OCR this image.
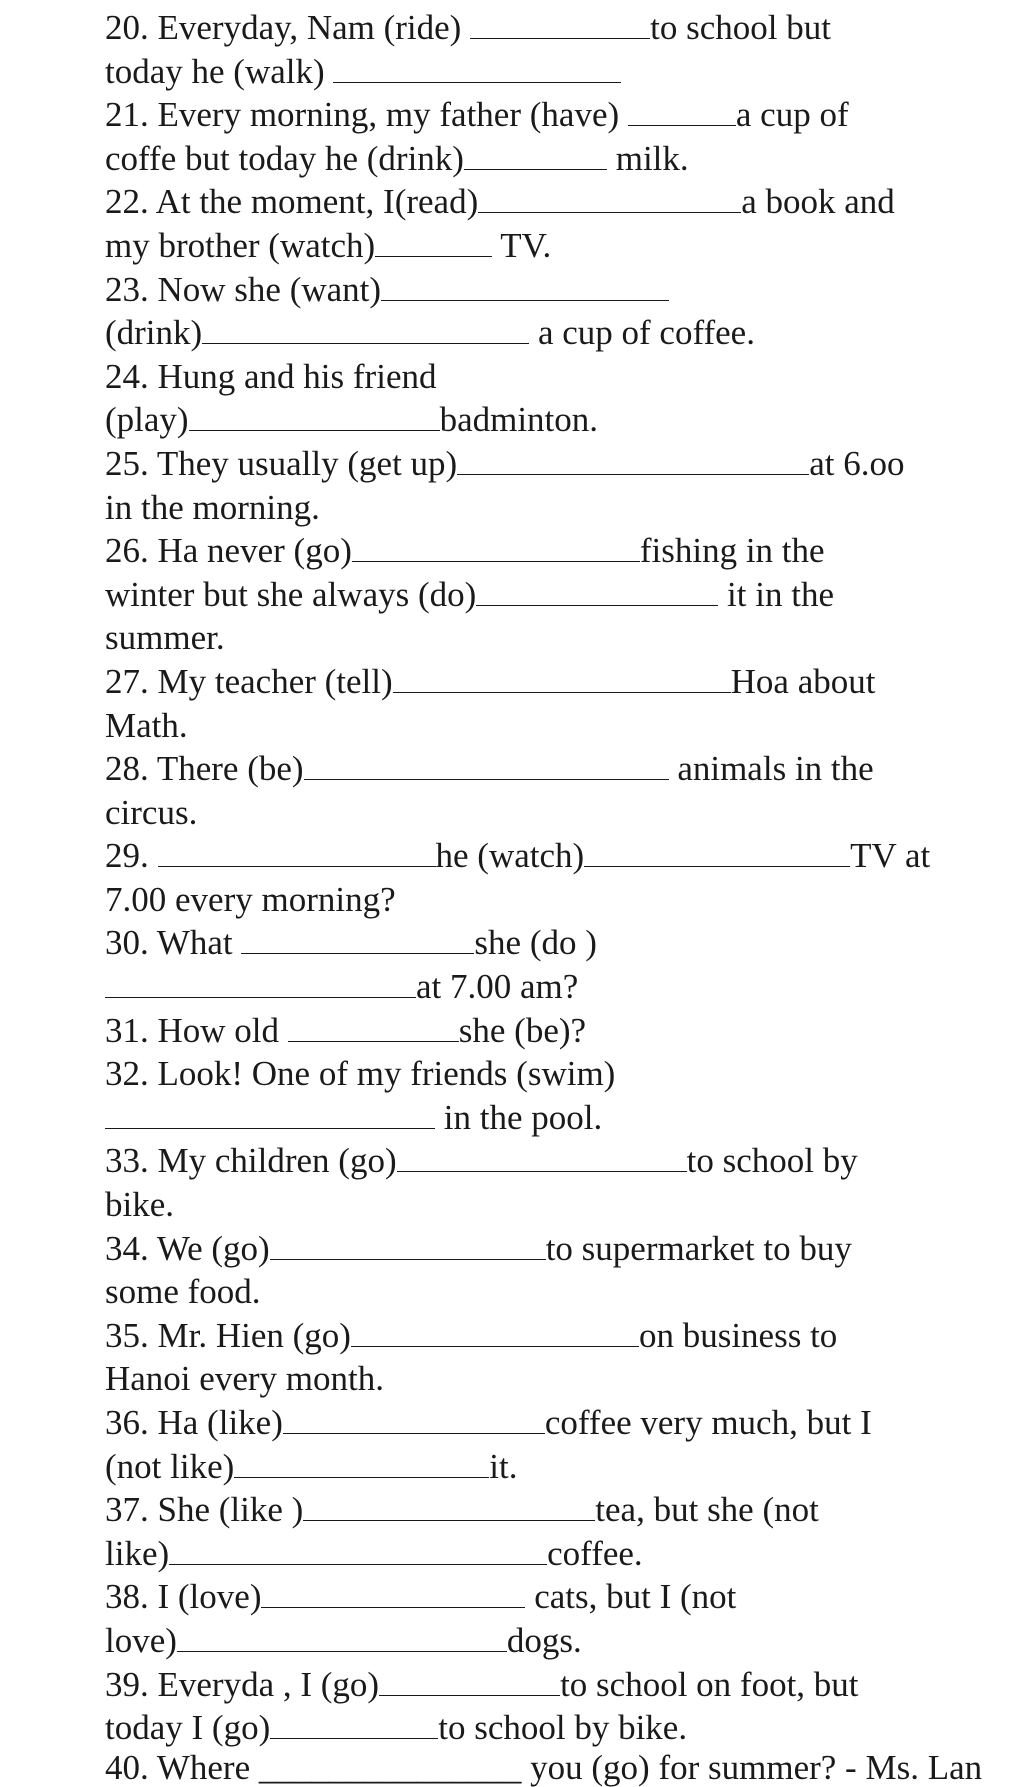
20. Everyday, Nam (ride)	to school but
today he (walk)
21. Every morning, my father (have)	a cup of
coffe but today he (drink)	milk.
22. At the moment, I(read)	a book and
my brother (watch)	TV.
23. Now she (want)
(drink)	a cup of coffee.
24. Hung and his friend
(play)	badminton.
25. They usually (get up)	at 6.oo
in the morning.
26. Ha never (go)	fishing in the
winter but she always (do)	it in the
summer.
27. My teacher (tell)	Hoa about
Math.
28. There (be)	animals in the
circus.
29.	he (watch)	TV at
7.00 every morning?
30. What	she (do )
at 7.00 am?
31. How old	she (be)?
32. Look! One of my friends (swim)
in the pool.
33. My children (go)	to school by
bike.
34. We (go)	to supermarket to buy
some food.
35. Mr. Hien (go)	on business to
Hanoi every month.
36. Ha (like)	coffee very much, but I
(not like)	it.
37. She (like )	tea, but she (not
like)	coffee.
38. I (love)	cats, but I (not
love)	dogs.
39. Everyda , I (go)	to school on foot, but
today I (go)	to school by bike.
40. Where _______________ you (go) for summer? - Ms. Lan
